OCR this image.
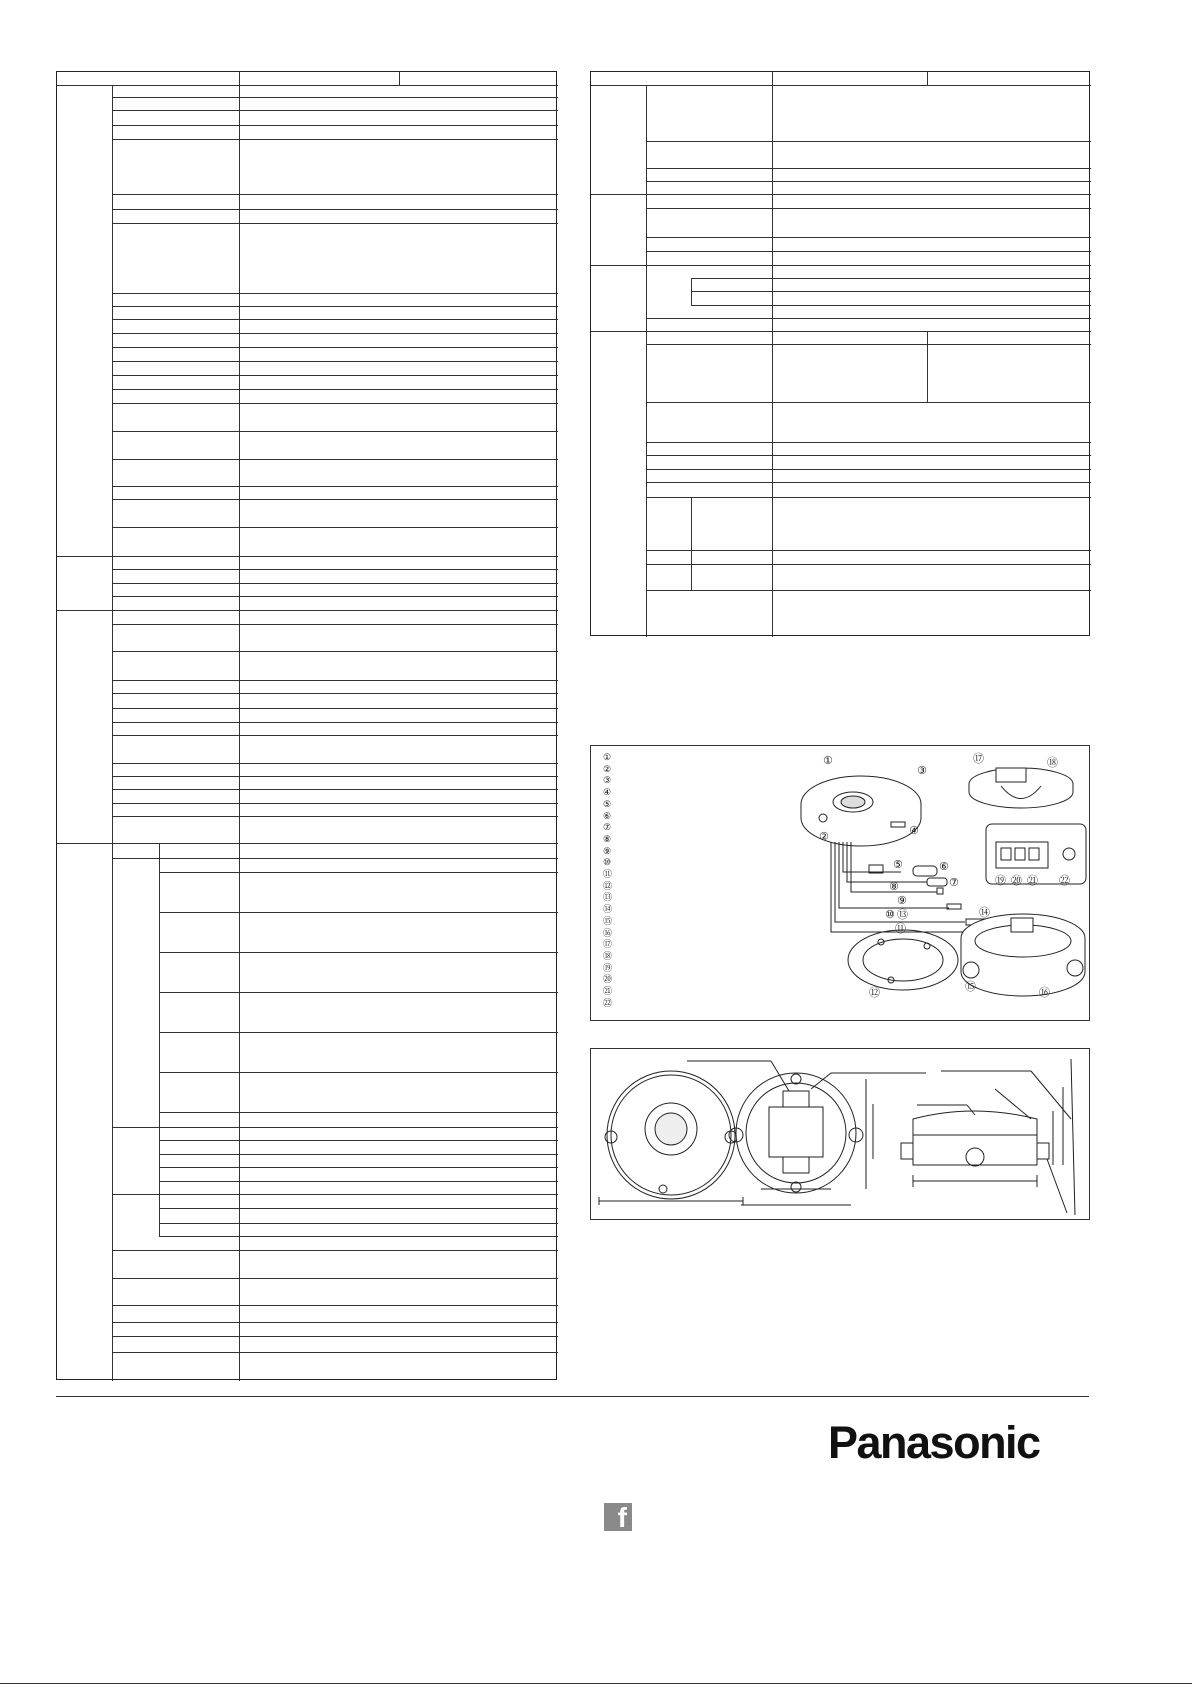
①
②
③
④
⑤
⑥
⑦
⑧
⑨
⑩
⑪
⑫
⑬
⑭
⑮
⑯
⑰
⑱
⑲
⑳
㉑
㉒
①
②
③
④
⑤	⑥
⑦
⑧
⑨
⑩
⑪
⑫
⑬	⑭
⑮	⑯
⑰	⑱
⑲ ⑳ ㉑ ㉒
Panasonic
f
